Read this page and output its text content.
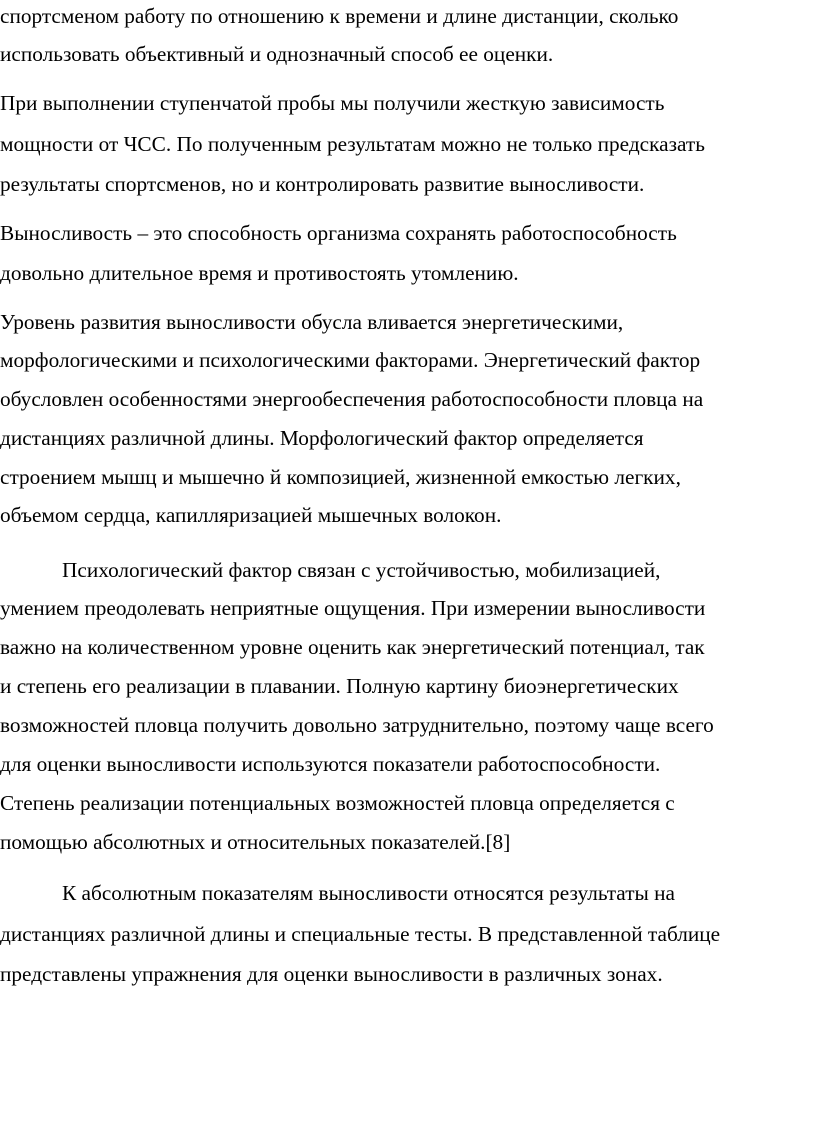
спортсменом работу по отношению к времени и длине дистанции, сколько
использовать объективный и однозначный способ ее оценки.
При выполнении ступенчатой пробы мы получили жесткую зависимость
мощности от ЧСС. По полученным результатам можно не только предсказать
результаты спортсменов, но и контролировать развитие выносливости.
Выносливость – это способность организма сохранять работоспособность
довольно длительное время и противостоять утомлению.
Уровень развития выносливости обусла вливается энергетическими,
морфологическими и психологическими факторами. Энергетический фактор
обусловлен особенностями энергообеспечения работоспособности пловца на
дистанциях различной длины. Морфологический фактор определяется
строением мышц и мышечно й композицией, жизненной емкостью легких,
объемом сердца, капилляризацией мышечных волокон.
Психологический фактор связан с устойчивостью, мобилизацией,
умением преодолевать неприятные ощущения. При измерении выносливости
важно на количественном уровне оценить как энергетический потенциал, так
и степень его реализации в плавании. Полную картину биоэнергетических
возможностей пловца получить довольно затруднительно, поэтому чаще всего
для оценки выносливости используются показатели работоспособности.
Степень реализации потенциальных возможностей пловца определяется с
помощью абсолютных и относительных показателей.[8]
К абсолютным показателям выносливости относятся результаты на
дистанциях различной длины и специальные тесты. В представленной таблице
представлены упражнения для оценки выносливости в различных зонах.
